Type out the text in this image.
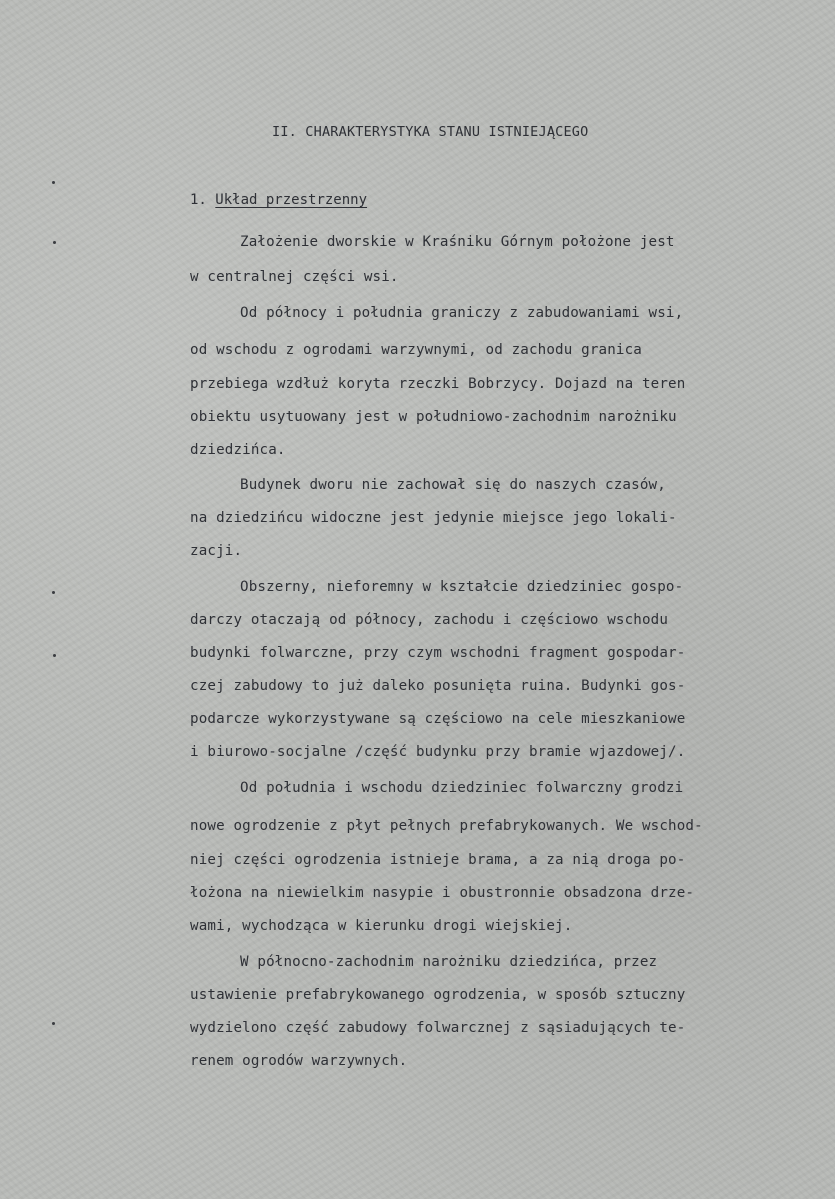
II. CHARAKTERYSTYKA STANU ISTNIEJĄCEGO
1. Układ przestrzenny
Założenie dworskie w Kraśniku Górnym położone jest
w centralnej części wsi.
Od północy i południa graniczy z zabudowaniami wsi,
od wschodu z ogrodami warzywnymi, od zachodu granica
przebiega wzdłuż koryta rzeczki Bobrzycy. Dojazd na teren
obiektu usytuowany jest w południowo-zachodnim narożniku
dziedzińca.
Budynek dworu nie zachował się do naszych czasów,
na dziedzińcu widoczne jest jedynie miejsce jego lokali-
zacji.
Obszerny, nieforemny w kształcie dziedziniec gospo-
darczy otaczają od północy, zachodu i częściowo wschodu
budynki folwarczne, przy czym wschodni fragment gospodar-
czej zabudowy to już daleko posunięta ruina. Budynki gos-
podarcze wykorzystywane są częściowo na cele mieszkaniowe
i biurowo-socjalne /część budynku przy bramie wjazdowej/.
Od południa i wschodu dziedziniec folwarczny grodzi
nowe ogrodzenie z płyt pełnych prefabrykowanych. We wschod-
niej części ogrodzenia istnieje brama, a za nią droga po-
łożona na niewielkim nasypie i obustronnie obsadzona drze-
wami, wychodząca w kierunku drogi wiejskiej.
W północno-zachodnim narożniku dziedzińca, przez
ustawienie prefabrykowanego ogrodzenia, w sposób sztuczny
wydzielono część zabudowy folwarcznej z sąsiadujących te-
renem ogrodów warzywnych.
